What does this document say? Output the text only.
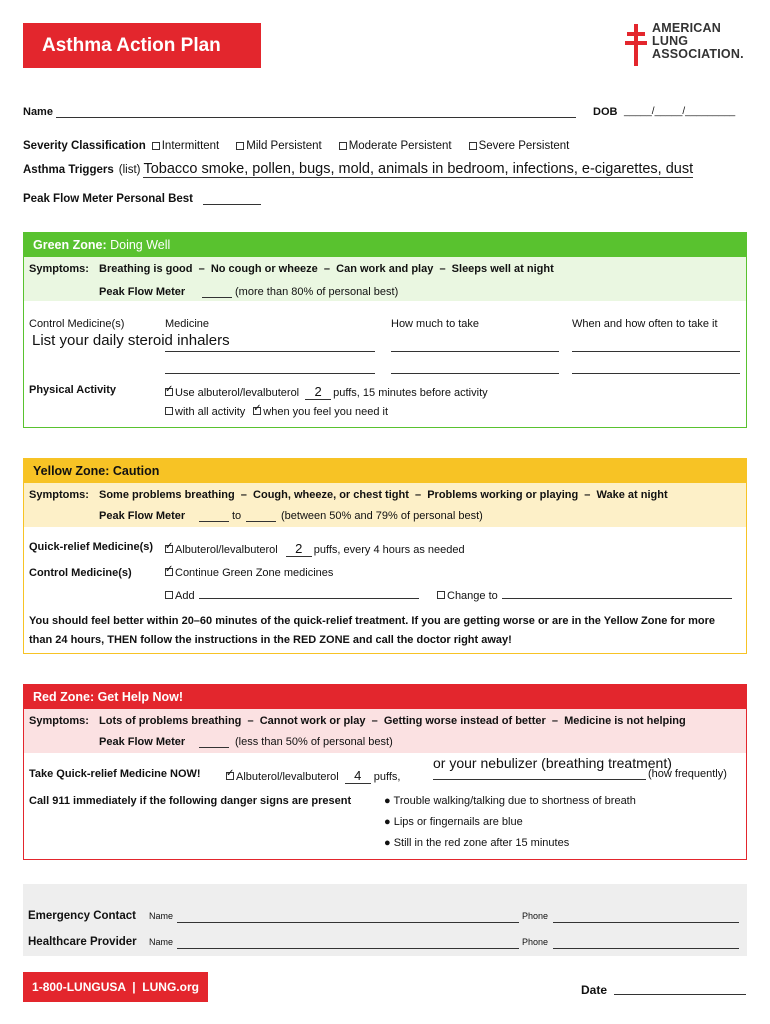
Asthma Action Plan
AMERICAN
LUNG
ASSOCIATION.
Name	DOB _____/_____/_________
Severity Classification Intermittent Mild Persistent Moderate Persistent Severe Persistent
Asthma Triggers (list) Tobacco smoke, pollen, bugs, mold, animals in bedroom, infections, e-cigarettes, dust
Peak Flow Meter Personal Best
Green Zone: Doing Well
Symptoms: Breathing is good  –  No cough or wheeze  –  Can work and play  –  Sleeps well at night
Peak Flow Meter	(more than 80% of personal best)
Control Medicine(s)	Medicine	How much to take	When and how often to take it
List your daily steroid inhalers
Physical Activity ✓	Use albuterol/levalbuterol	2	puffs, 15 minutes before activity
with all activity ✓ when you feel you need it
Yellow Zone: Caution
Symptoms: Some problems breathing  –  Cough, wheeze, or chest tight  –  Problems working or playing  –  Wake at night
Peak Flow Meter	to	(between 50% and 79% of personal best)
Quick-relief Medicine(s) ✓ Albuterol/levalbuterol	2	puffs, every 4 hours as needed
Control Medicine(s) ✓	Continue Green Zone medicines
Add	Change to
You should feel better within 20–60 minutes of the quick-relief treatment. If you are getting worse or are in the Yellow Zone for more than 24 hours, THEN follow the instructions in the RED ZONE and call the doctor right away!
Red Zone: Get Help Now!
Symptoms: Lots of problems breathing  –  Cannot work or play  –  Getting worse instead of better  –  Medicine is not helping
Peak Flow Meter	(less than 50% of personal best)
Take Quick-relief Medicine NOW! ✓	Albuterol/levalbuterol	4	puffs,
or your nebulizer (breathing treatment)
(how frequently)
Call 911 immediately if the following danger signs are present	● Trouble walking/talking due to shortness of breath
● Lips or fingernails are blue
● Still in the red zone after 15 minutes
Emergency Contact Name	Phone
Healthcare Provider Name	Phone
1-800-LUNGUSA  |  LUNG.org	Date
